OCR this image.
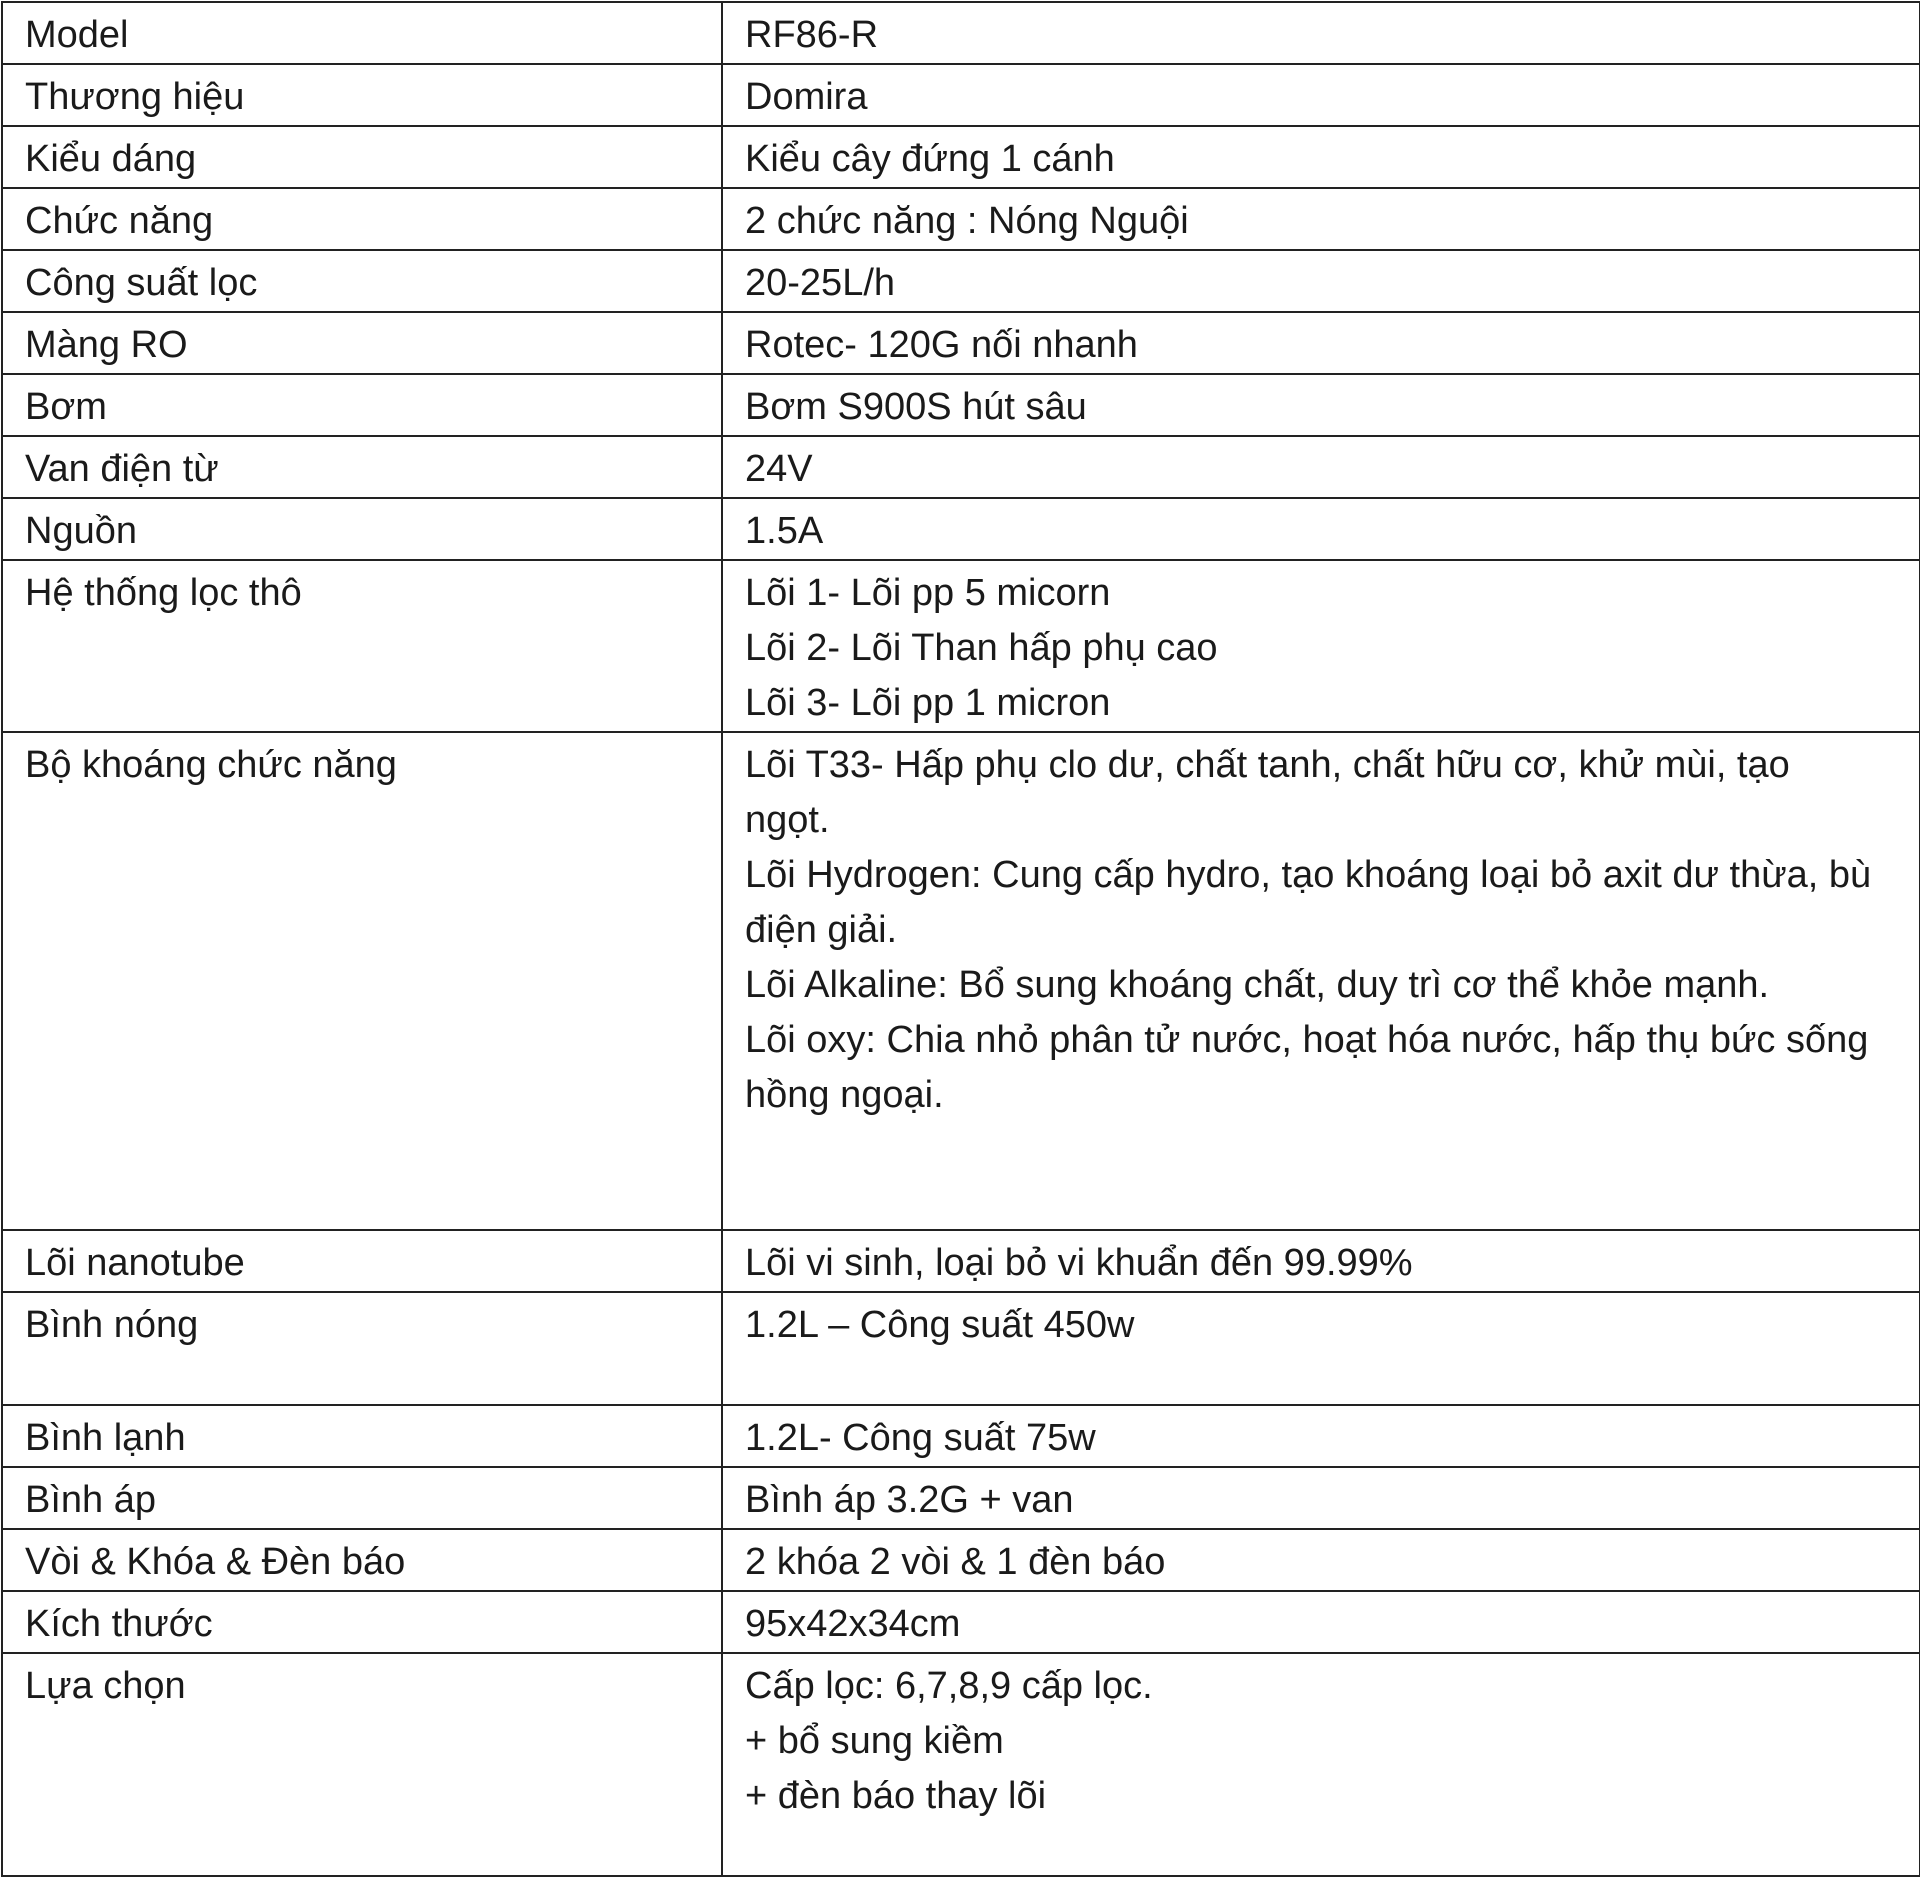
Model	RF86-R

Thương hiệu	Domira

Kiểu dáng	Kiểu cây đứng 1 cánh

Chức năng	2 chức năng : Nóng Nguội

Công suất lọc	20-25L/h

Màng RO	Rotec- 120G nối nhanh

Bơm	Bơm S900S hút sâu

Van điện từ	24V

Nguồn	1.5A

Hệ thống lọc thô	Lõi 1- Lõi pp 5 micorn
Lõi 2- Lõi Than hấp phụ cao
Lõi 3- Lõi pp 1 micron

Bộ khoáng chức năng	Lõi T33- Hấp phụ clo dư, chất tanh, chất hữu cơ, khử mùi, tạo ngọt.
Lõi Hydrogen: Cung cấp hydro, tạo khoáng loại bỏ axit dư thừa, bù điện giải.
Lõi Alkaline: Bổ sung khoáng chất, duy trì cơ thể khỏe mạnh.
Lõi oxy: Chia nhỏ phân tử nước, hoạt hóa nước, hấp thụ bức sống hồng ngoại.

Lõi nanotube	Lõi vi sinh, loại bỏ vi khuẩn đến 99.99%

Bình nóng	1.2L – Công suất 450w

Bình lạnh	1.2L- Công suất 75w

Bình áp	Bình áp 3.2G + van

Vòi & Khóa & Đèn báo	2 khóa 2 vòi & 1 đèn báo

Kích thước	95x42x34cm

Lựa chọn	Cấp lọc: 6,7,8,9 cấp lọc.
+ bổ sung kiềm
+ đèn báo thay lõi
